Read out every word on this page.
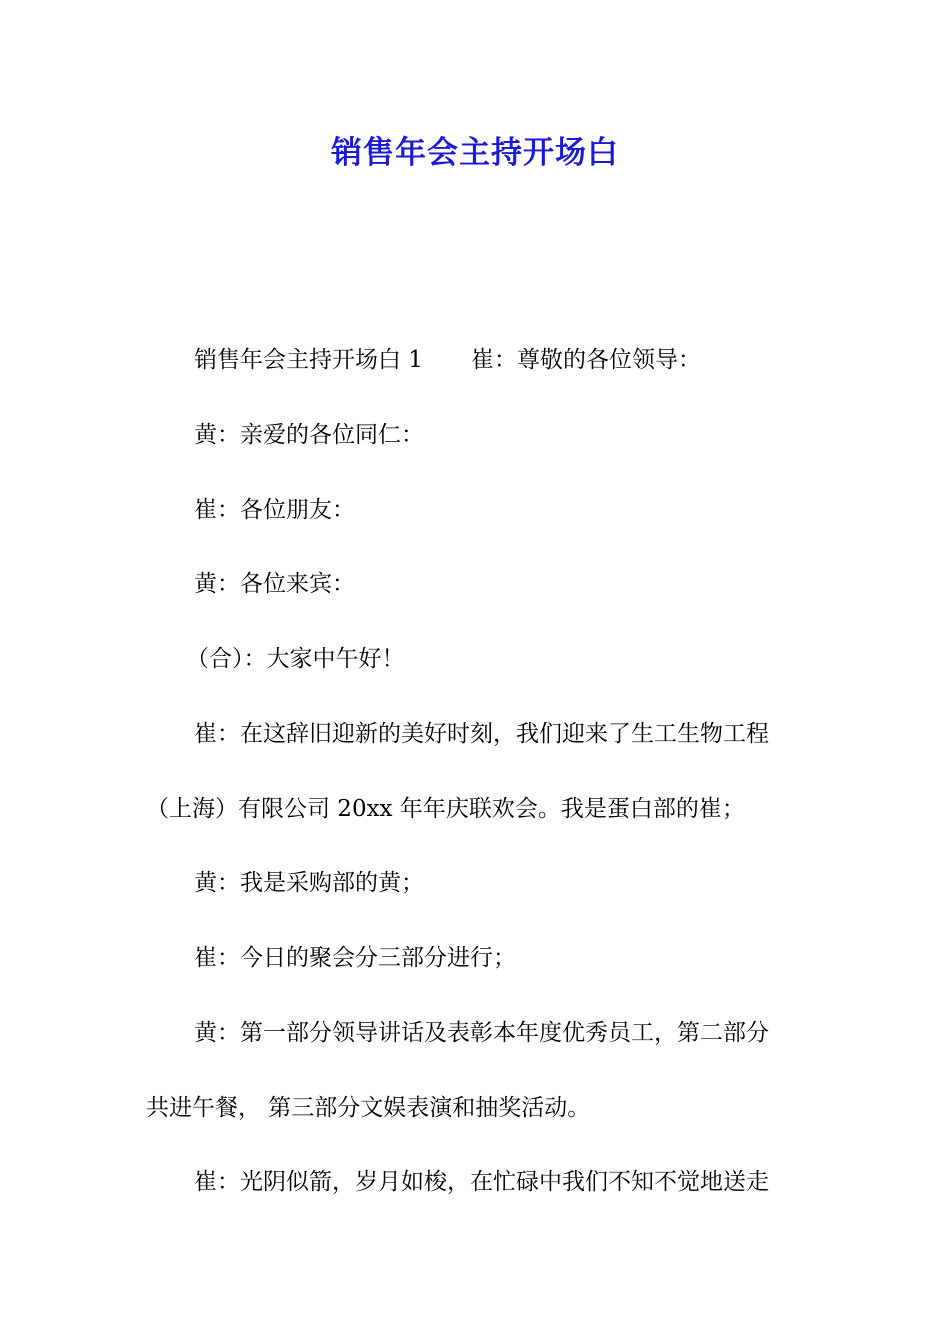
销售年会主持开场白
销售年会主持开场白 1 崔：尊敬的各位领导：
黄：亲爱的各位同仁：
崔：各位朋友：
黄：各位来宾：
（合）：大家中午好！
崔：在这辞旧迎新的美好时刻，我们迎来了生工生物工程
（上海）有限公司 20xx 年年庆联欢会。我是蛋白部的崔；
黄：我是采购部的黄；
崔：今日的聚会分三部分进行；
黄：第一部分领导讲话及表彰本年度优秀员工，第二部分
共进午餐， 第三部分文娱表演和抽奖活动。
崔：光阴似箭，岁月如梭，在忙碌中我们不知不觉地送走
